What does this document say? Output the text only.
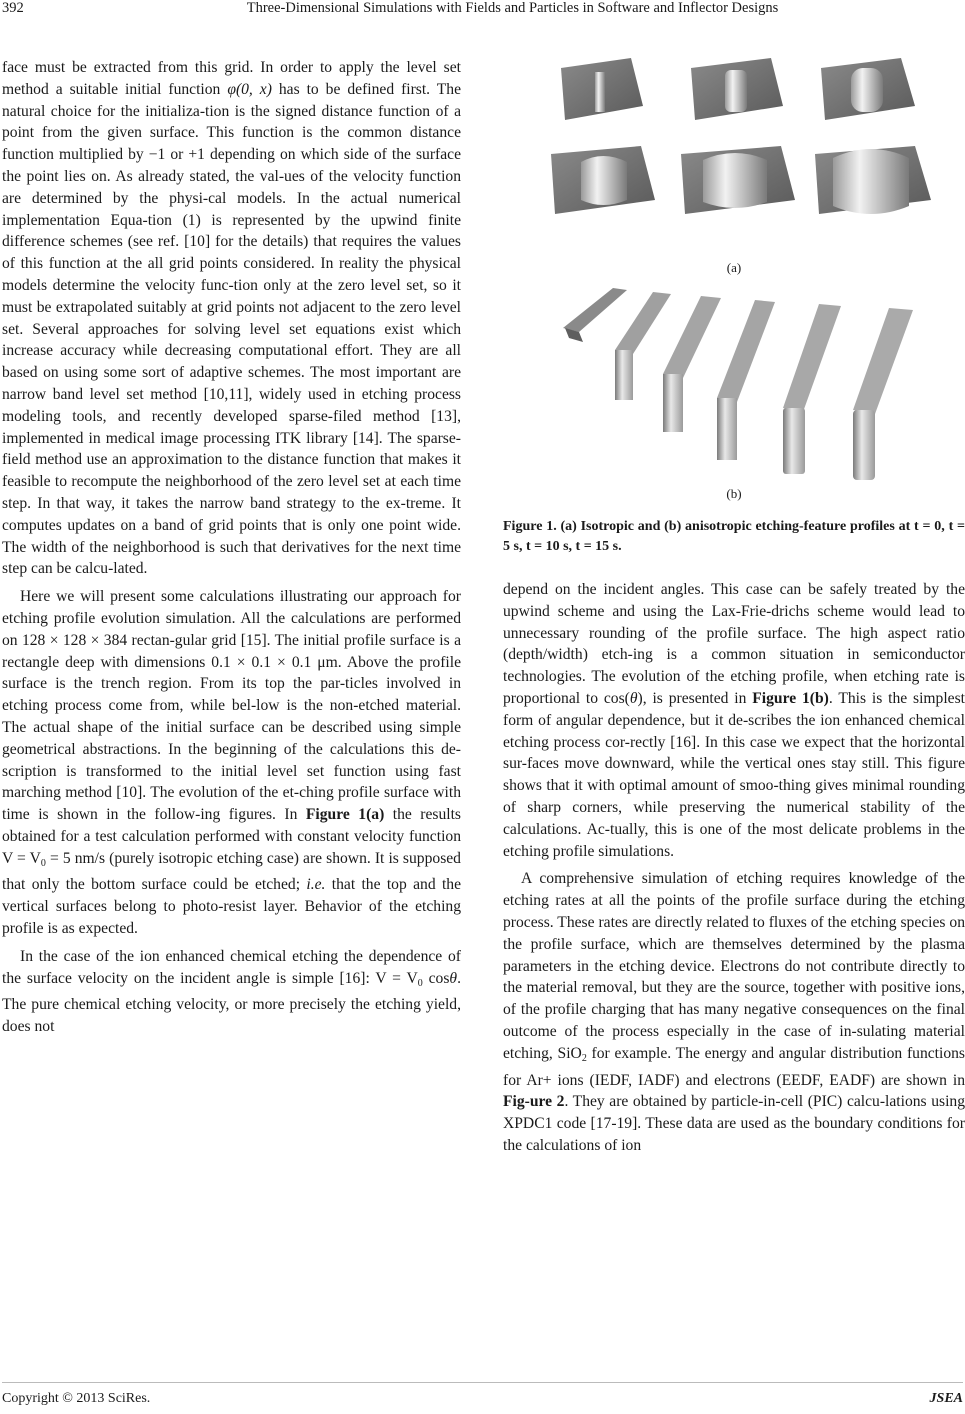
392	Three-Dimensional Simulations with Fields and Particles in Software and Inflector Designs

face must be extracted from this grid. In order to apply the level set method a suitable initial function φ(0, x) has to be defined first. The natural choice for the initializa-tion is the signed distance function of a point from the given surface. This function is the common distance function multiplied by −1 or +1 depending on which side of the surface the point lies on. As already stated, the val-ues of the velocity function are determined by the physi-cal models. In the actual numerical implementation Equa-tion (1) is represented by the upwind finite difference schemes (see ref. [10] for the details) that requires the values of this function at the all grid points considered. In reality the physical models determine the velocity func-tion only at the zero level set, so it must be extrapolated suitably at grid points not adjacent to the zero level set. Several approaches for solving level set equations exist which increase accuracy while decreasing computational effort. They are all based on using some sort of adaptive schemes. The most important are narrow band level set method [10,11], widely used in etching process modeling tools, and recently developed sparse-filed method [13], implemented in medical image processing ITK library [14]. The sparse-field method use an approximation to the distance function that makes it feasible to recompute the neighborhood of the zero level set at each time step. In that way, it takes the narrow band strategy to the ex-treme. It computes updates on a band of grid points that is only one point wide. The width of the neighborhood is such that derivatives for the next time step can be calcu-lated.

Here we will present some calculations illustrating our approach for etching profile evolution simulation. All the calculations are performed on 128 × 128 × 384 rectan-gular grid [15]. The initial profile surface is a rectangle deep with dimensions 0.1 × 0.1 × 0.1 μm. Above the profile surface is the trench region. From its top the par-ticles involved in etching process come from, while bel-low is the non-etched material. The actual shape of the initial surface can be described using simple geometrical abstractions. In the beginning of the calculations this de-scription is transformed to the initial level set function using fast marching method [10]. The evolution of the et-ching profile surface with time is shown in the follow-ing figures. In Figure 1(a) the results obtained for a test calculation performed with constant velocity function $V = V_0 = 5$ nm/s (purely isotropic etching case) are shown. It is supposed that only the bottom surface could be etched; i.e. that the top and the vertical surfaces belong to photo-resist layer. Behavior of the etching profile is as expected.

In the case of the ion enhanced chemical etching the dependence of the surface velocity on the incident angle is simple [16]: $V = V_0$ cosθ. The pure chemical etching velocity, or more precisely the etching yield, does not

(a)
(b)
Figure 1. (a) Isotropic and (b) anisotropic etching-feature profiles at t = 0, t = 5 s, t = 10 s, t = 15 s.

depend on the incident angles. This case can be safely treated by the upwind scheme and using the Lax-Frie-drichs scheme would lead to unnecessary rounding of the profile surface. The high aspect ratio (depth/width) etch-ing is a common situation in semiconductor technologies. The evolution of the etching profile, when etching rate is proportional to cos(θ), is presented in Figure 1(b). This is the simplest form of angular dependence, but it de-scribes the ion enhanced chemical etching process cor-rectly [16]. In this case we expect that the horizontal sur-faces move downward, while the vertical ones stay still. This figure shows that it with optimal amount of smoo-thing gives minimal rounding of sharp corners, while preserving the numerical stability of the calculations. Ac-tually, this is one of the most delicate problems in the etching profile simulations.

A comprehensive simulation of etching requires knowledge of the etching rates at all the points of the profile surface during the etching process. These rates are directly related to fluxes of the etching species on the profile surface, which are themselves determined by the plasma parameters in the etching device. Electrons do not contribute directly to the material removal, but they are the source, together with positive ions, of the profile charging that has many negative consequences on the final outcome of the process especially in the case of in-sulating material etching, SiO$_2$ for example. The energy and angular distribution functions for Ar+ ions (IEDF, IADF) and electrons (EEDF, EADF) are shown in Fig-ure 2. They are obtained by particle-in-cell (PIC) calcu-lations using XPDC1 code [17-19]. These data are used as the boundary conditions for the calculations of ion

Copyright © 2013 SciRes.	JSEA
